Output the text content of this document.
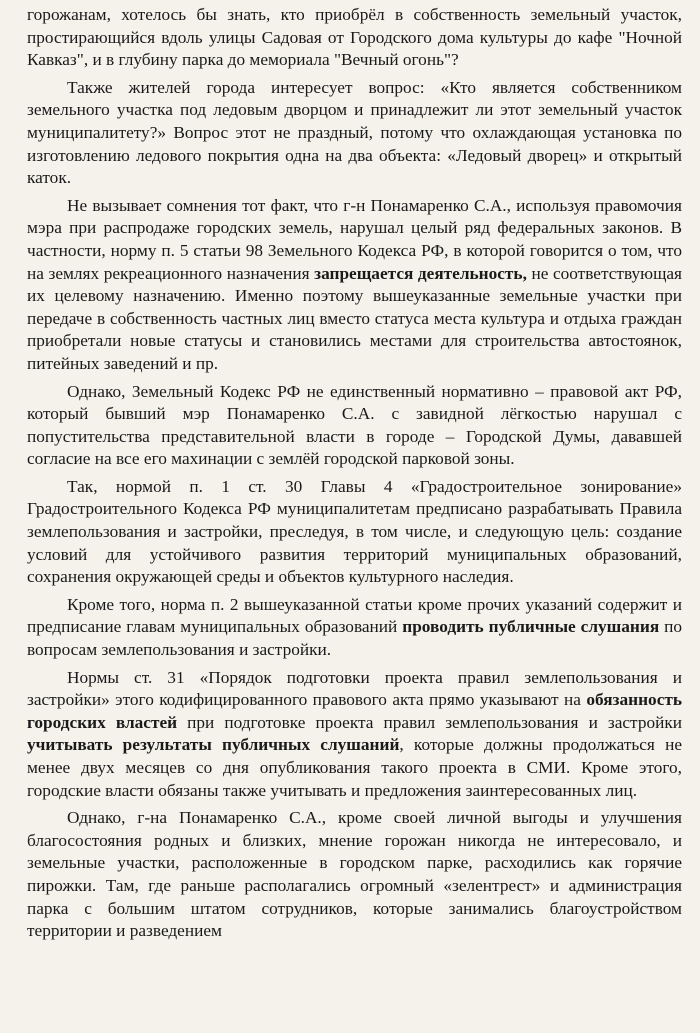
горожанам, хотелось бы знать, кто приобрёл в собственность земельный участок, простирающийся вдоль улицы Садовая от Городского дома культуры до кафе "Ночной Кавказ", и в глубину парка до мемориала "Вечный огонь"?

Также жителей города интересует вопрос: «Кто является собственником земельного участка под ледовым дворцом и принадлежит ли этот земельный участок муниципалитету?» Вопрос этот не праздный, потому что охлаждающая установка по изготовлению ледового покрытия одна на два объекта: «Ледовый дворец» и открытый каток.

Не вызывает сомнения тот факт, что г-н Понамаренко С.А., используя правомочия мэра при распродаже городских земель, нарушал целый ряд федеральных законов. В частности, норму п. 5 статьи 98 Земельного Кодекса РФ, в которой говорится о том, что на землях рекреационного назначения запрещается деятельность, не соответствующая их целевому назначению. Именно поэтому вышеуказанные земельные участки при передаче в собственность частных лиц вместо статуса места культура и отдыха граждан приобретали новые статусы и становились местами для строительства автостоянок, питейных заведений и пр.

Однако, Земельный Кодекс РФ не единственный нормативно – правовой акт РФ, который бывший мэр Понамаренко С.А. с завидной лёгкостью нарушал с попустительства представительной власти в городе – Городской Думы, дававшей согласие на все его махинации с землёй городской парковой зоны.

Так, нормой п. 1 ст. 30 Главы 4 «Градостроительное зонирование» Градостроительного Кодекса РФ муниципалитетам предписано разрабатывать Правила землепользования и застройки, преследуя, в том числе, и следующую цель: создание условий для устойчивого развития территорий муниципальных образований, сохранения окружающей среды и объектов культурного наследия.

Кроме того, норма п. 2 вышеуказанной статьи кроме прочих указаний содержит и предписание главам муниципальных образований проводить публичные слушания по вопросам землепользования и застройки.

Нормы ст. 31 «Порядок подготовки проекта правил землепользования и застройки» этого кодифицированного правового акта прямо указывают на обязанность городских властей при подготовке проекта правил землепользования и застройки учитывать результаты публичных слушаний, которые должны продолжаться не менее двух месяцев со дня опубликования такого проекта в СМИ. Кроме этого, городские власти обязаны также учитывать и предложения заинтересованных лиц.

Однако, г-на Понамаренко С.А., кроме своей личной выгоды и улучшения благосостояния родных и близких, мнение горожан никогда не интересовало, и земельные участки, расположенные в городском парке, расходились как горячие пирожки. Там, где раньше располагались огромный «зелентрест» и администрация парка с большим штатом сотрудников, которые занимались благоустройством территории и разведением
